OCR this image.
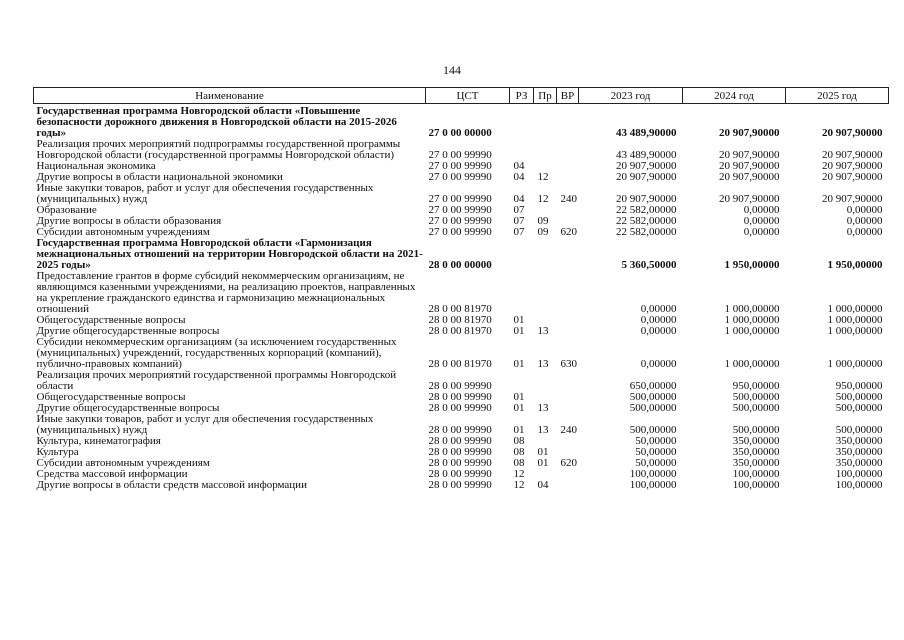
144
Наименование	ЦСТ	РЗ	Пр	ВР	2023 год	2024 год	2025 год
Государственная программа Новгородской области «Повышение безопасности дорожного движения в Новгородской области на 2015-2026 годы»	27 0 00 00000				43 489,90000	20 907,90000	20 907,90000
Реализация прочих мероприятий подпрограммы государственной программы Новгородской области (государственной программы Новгородской области)	27 0 00 99990				43 489,90000	20 907,90000	20 907,90000
Национальная экономика	27 0 00 99990	04			20 907,90000	20 907,90000	20 907,90000
Другие вопросы в области национальной экономики	27 0 00 99990	04	12		20 907,90000	20 907,90000	20 907,90000
Иные закупки товаров, работ и услуг для обеспечения государственных (муниципальных) нужд	27 0 00 99990	04	12	240	20 907,90000	20 907,90000	20 907,90000
Образование	27 0 00 99990	07			22 582,00000	0,00000	0,00000
Другие вопросы в области образования	27 0 00 99990	07	09		22 582,00000	0,00000	0,00000
Субсидии автономным учреждениям	27 0 00 99990	07	09	620	22 582,00000	0,00000	0,00000
Государственная программа Новгородской области «Гармонизация межнациональных отношений на территории Новгородской области на 2021-2025 годы»	28 0 00 00000				5 360,50000	1 950,00000	1 950,00000
Предоставление грантов в форме субсидий некоммерческим организациям, не являющимся казенными учреждениями, на реализацию проектов, направленных на укрепление гражданского единства и гармонизацию межнациональных отношений	28 0 00 81970				0,00000	1 000,00000	1 000,00000
Общегосударственные вопросы	28 0 00 81970	01			0,00000	1 000,00000	1 000,00000
Другие общегосударственные вопросы	28 0 00 81970	01	13		0,00000	1 000,00000	1 000,00000
Субсидии некоммерческим организациям (за исключением государственных (муниципальных) учреждений, государственных корпораций (компаний), публично-правовых компаний)	28 0 00 81970	01	13	630	0,00000	1 000,00000	1 000,00000
Реализация прочих мероприятий государственной программы Новгородской области	28 0 00 99990				650,00000	950,00000	950,00000
Общегосударственные вопросы	28 0 00 99990	01			500,00000	500,00000	500,00000
Другие общегосударственные вопросы	28 0 00 99990	01	13		500,00000	500,00000	500,00000
Иные закупки товаров, работ и услуг для обеспечения государственных (муниципальных) нужд	28 0 00 99990	01	13	240	500,00000	500,00000	500,00000
Культура, кинематография	28 0 00 99990	08			50,00000	350,00000	350,00000
Культура	28 0 00 99990	08	01		50,00000	350,00000	350,00000
Субсидии автономным учреждениям	28 0 00 99990	08	01	620	50,00000	350,00000	350,00000
Средства массовой информации	28 0 00 99990	12			100,00000	100,00000	100,00000
Другие вопросы в области средств массовой информации	28 0 00 99990	12	04		100,00000	100,00000	100,00000
